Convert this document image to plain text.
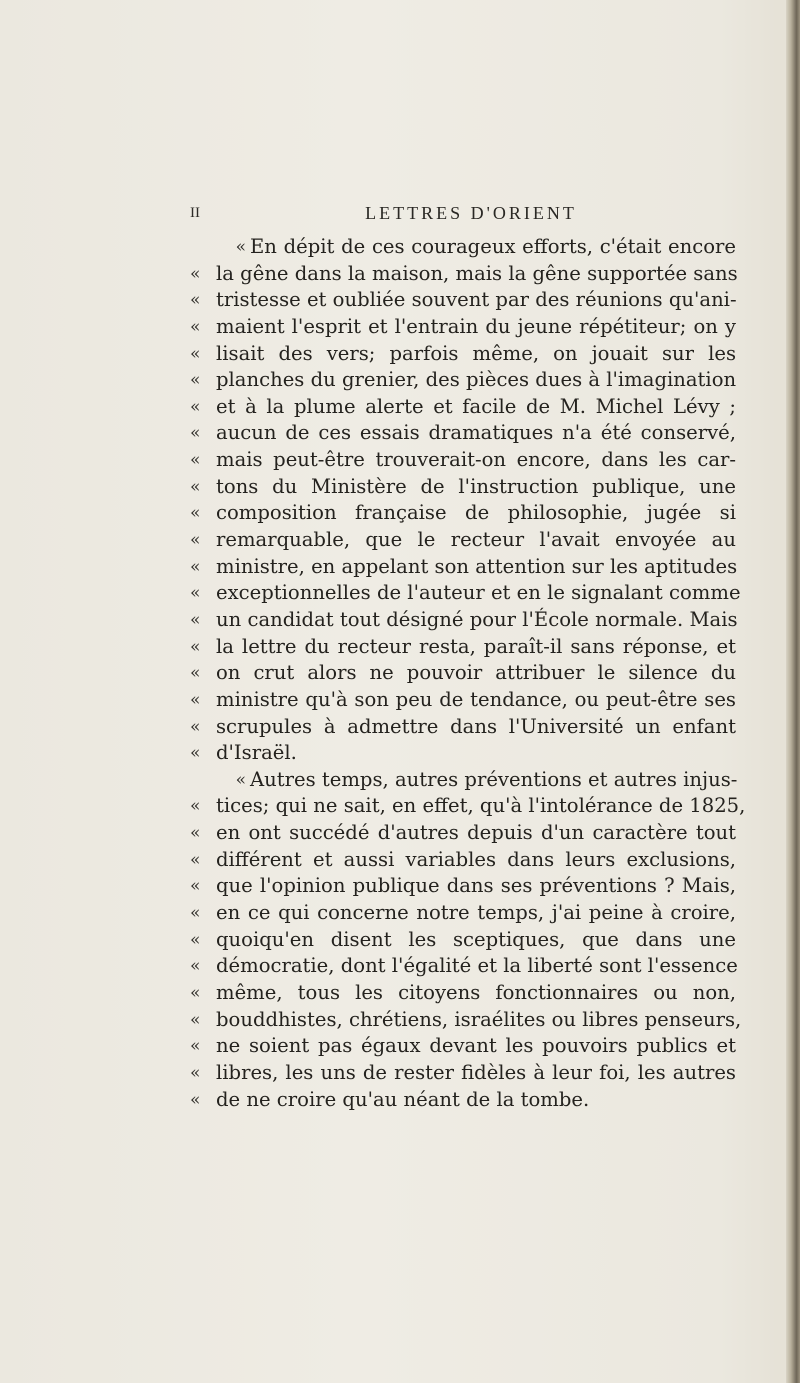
II	LETTRES D'ORIENT
« En dépit de ces courageux efforts, c'était encore
« la gêne dans la maison, mais la gêne supportée sans
« tristesse et oubliée souvent par des réunions qu'ani-
« maient l'esprit et l'entrain du jeune répétiteur; on y
« lisait des vers; parfois même, on jouait sur les
« planches du grenier, des pièces dues à l'imagination
« et à la plume alerte et facile de M. Michel Lévy ;
« aucun de ces essais dramatiques n'a été conservé,
« mais peut-être trouverait-on encore, dans les car-
« tons du Ministère de l'instruction publique, une
« composition française de philosophie, jugée si
« remarquable, que le recteur l'avait envoyée au
« ministre, en appelant son attention sur les aptitudes
« exceptionnelles de l'auteur et en le signalant comme
« un candidat tout désigné pour l'École normale. Mais
« la lettre du recteur resta, paraît-il sans réponse, et
« on crut alors ne pouvoir attribuer le silence du
« ministre qu'à son peu de tendance, ou peut-être ses
« scrupules à admettre dans l'Université un enfant
« d'Israël.
« Autres temps, autres préventions et autres injus-
« tices; qui ne sait, en effet, qu'à l'intolérance de 1825,
« en ont succédé d'autres depuis d'un caractère tout
« différent et aussi variables dans leurs exclusions,
« que l'opinion publique dans ses préventions ? Mais,
« en ce qui concerne notre temps, j'ai peine à croire,
« quoiqu'en disent les sceptiques, que dans une
« démocratie, dont l'égalité et la liberté sont l'essence
« même, tous les citoyens fonctionnaires ou non,
« bouddhistes, chrétiens, israélites ou libres penseurs,
« ne soient pas égaux devant les pouvoirs publics et
« libres, les uns de rester fidèles à leur foi, les autres
« de ne croire qu'au néant de la tombe.
